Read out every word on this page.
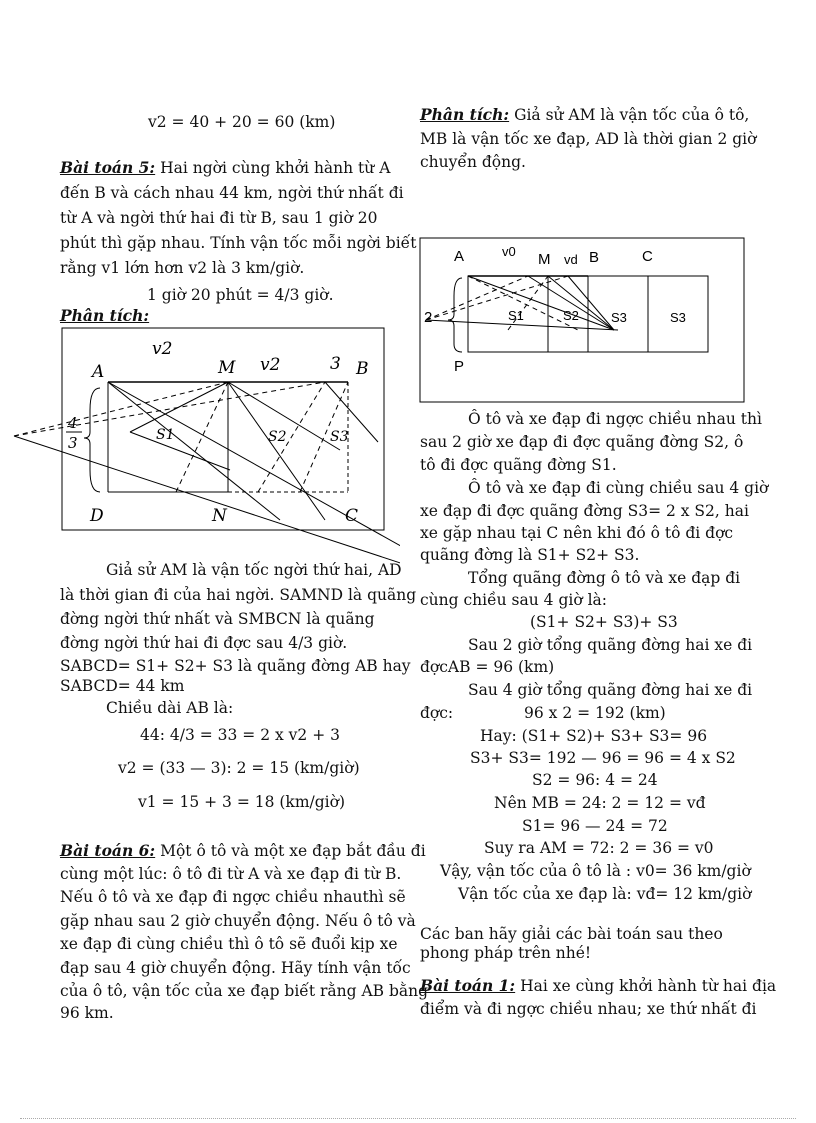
v2 = 40 + 20 = 60 (km)
Bài toán 5: Hai ngời cùng khởi hành từ A
đến B và cách nhau 44 km, ngời thứ nhất đi
từ A và ngời thứ hai đi từ B, sau 1 giờ 20
phút thì gặp nhau. Tính vận tốc mỗi ngời biết
rằng v1 lớn hơn v2 là 3 km/giờ.
1 giờ 20 phút = 4/3 giờ.
Phân tích:
A	M	B
D	N	C
v2
v2	3
4
3	S1	S2	S3
Giả sử AM là vận tốc ngời thứ hai, AD
là thời gian đi của hai ngời. SAMND là quãng
đờng ngời thứ nhất và SMBCN là quãng
đờng ngời thứ hai đi đợc sau 4/3 giờ.
SABCD= S1+ S2+ S3 là quãng đờng AB hay
SABCD= 44 km
Chiều dài AB là:
44: 4/3 = 33 = 2 x v2 + 3
v2 = (33 — 3): 2 = 15 (km/giờ)
v1 = 15 + 3 = 18 (km/giờ)
Bài toán 6: Một ô tô và một xe đạp bắt đầu đi
cùng một lúc: ô tô đi từ A và xe đạp đi từ B.
Nếu ô tô và xe đạp đi ngợc chiều nhauthì sẽ
gặp nhau sau 2 giờ chuyển động. Nếu ô tô và
xe đạp đi cùng chiều thì ô tô sẽ đuổi kịp xe
đạp sau 4 giờ chuyển động. Hãy tính vận tốc
của ô tô, vận tốc của xe đạp biết rằng AB bằng
96 km.
Phân tích: Giả sử AM là vận tốc của ô tô,
MB là vận tốc xe đạp, AD là thời gian 2 giờ
chuyển động.
A	v0 M vd B	C
2
P
S1	S2 S3	S3
Ô tô và xe đạp đi ngợc chiều nhau thì
sau 2 giờ xe đạp đi đợc quãng đờng S2, ô
tô đi đợc quãng đờng S1.
Ô tô và xe đạp đi cùng chiều sau 4 giờ
xe đạp đi đợc quãng đờng S3= 2 x S2, hai
xe gặp nhau tại C nên khi đó ô tô đi đợc
quãng đờng là S1+ S2+ S3.
Tổng quãng đờng ô tô và xe đạp đi
cùng chiều sau 4 giờ là:
(S1+ S2+ S3)+ S3
Sau 2 giờ tổng quãng đờng hai xe đi
đợcAB = 96 (km)
Sau 4 giờ tổng quãng đờng hai xe đi
đợc:	96 x 2 = 192 (km)
Hay: (S1+ S2)+ S3+ S3= 96
S3+ S3= 192 — 96 = 96 = 4 x S2
S2 = 96: 4 = 24
Nên MB = 24: 2 = 12 = vđ
S1= 96 — 24 = 72
Suy ra AM = 72: 2 = 36 = v0
Vậy, vận tốc của ô tô là : v0= 36 km/giờ
Vận tốc của xe đạp là: vđ= 12 km/giờ
Các ban hãy giải các bài toán sau theo
phong pháp trên nhé!
Bài toán 1: Hai xe cùng khởi hành từ hai địa
điểm và đi ngợc chiều nhau; xe thứ nhất đi
